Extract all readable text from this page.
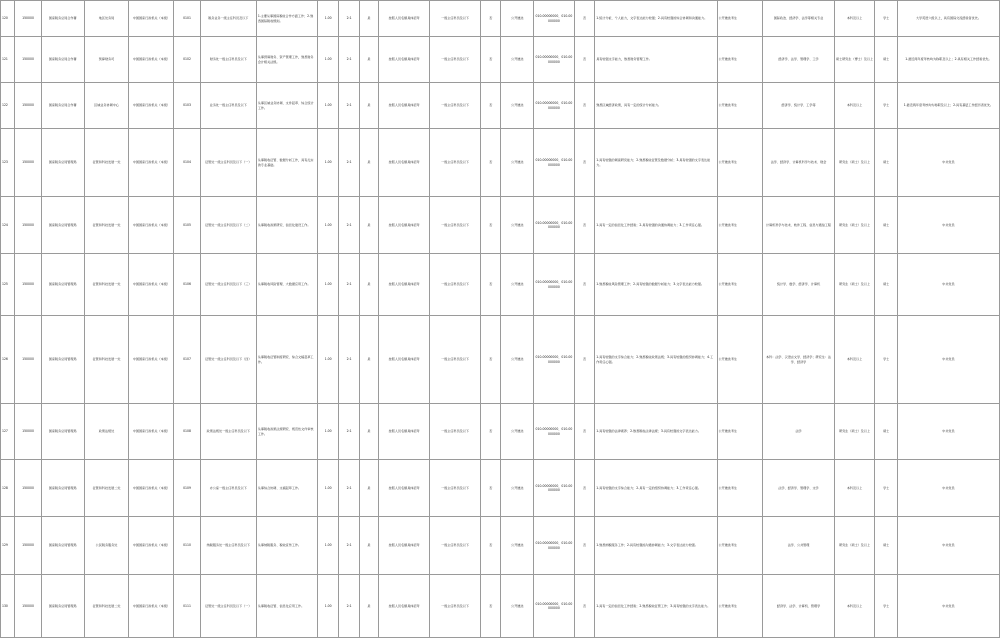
120	150000	国家税务总局合作署	地区处务局	中国国家行政机关（本级）	0101	税务业务一级主任科员及以下	1.主要从事国际税收合作方面工作；2.熟悉国际税收规则。	1.00	2:1	是	按照人员名额具体招考	一级主任科员及以下	否	公开遴选	010-00000000、010-00000000	否	1.统计分析，个人能力，文字表达能力较强；2.具有较强的综合协调和沟通能力。	公开遴选考生	国际政治、经济学、法学等相关专业	本科及以上	学士	大学英语六级以上，具有国际交流经验者优先。
121	150000	国家税务总局合作署	预算财务司	中国国家行政机关（本级）	0102	财务处一级主任科员及以下	从事预算财务、资产管理工作，熟悉财务会计相关法规。	1.00	2:1	是	按照人员名额具体招考	一级主任科员及以下	否	公开遴选	010-00000000、010-00000000	否	具有较强文字能力，熟悉财务管理工作。	公开遴选考生	经济学、法学、管理学、工学	硕士研究生（博士）及以上	硕士	1.最近两年度考核均为称职及以上；2.具有相关工作经验优先。
122	150000	国家税务总局合作署	区域业务协调中心	中国国家行政机关（本级）	0103	业务处一级主任科员及以下	从事区域业务协调、文件起草、综合统计工作。	1.00	2:1	是	按照人员名额具体招考	一级主任科员及以下	否	公开遴选	010-00000000、010-00000000	否	熟悉区域经济政策，具有一定的统计分析能力。	公开遴选考生	经济学、统计学、工学等	本科及以上	学士	1.最近两年度考核均为称职及以上；2.具有基层工作经历者优先。
123	150000	国家税务总局管理局	征管和科技发展一处	中国国家行政机关（本级）	0104	征管处一级主任科员及以下（一）	从事税收征管、数据分析工作，具有扎实的专业基础。	1.00	2:1	是	按照人员名额具体招考	一级主任科员及以下	否	公开遴选	010-00000000、010-00000000	否	1.具有较强的调查研究能力；2.熟悉税收征管及数据分析；3.具有较强的文字表达能力。	公开遴选考生	法学、经济学、计算机科学与技术、财会	研究生（硕士）及以上	硕士	中共党员
124	150000	国家税务总局管理局	征管和科技发展一处	中国国家行政机关（本级）	0105	征管处一级主任科员及以下（二）	从事税收政策研究、信息化建设工作。	1.00	2:1	是	按照人员名额具体招考	一级主任科员及以下	否	公开遴选	010-00000000、010-00000000	否	1.具有一定的信息化工作经验；2.具有较强的沟通协调能力；3.工作责任心强。	公开遴选考生	计算机科学与技术、软件工程、信息与通信工程	研究生（硕士）及以上	硕士	中共党员
125	150000	国家税务总局管理局	征管和科技发展一处	中国国家行政机关（本级）	0106	征管处一级主任科员及以下（三）	从事税收风险管理、大数据应用工作。	1.00	2:1	是	按照人员名额具体招考	一级主任科员及以下	否	公开遴选	010-00000000、010-00000000	否	1.熟悉税收风险管理工作；2.具有较强的数据分析能力；3.文字表达能力较强。	公开遴选考生	统计学、数学、经济学、计算机	研究生（硕士）及以上	硕士	中共党员
126	150000	国家税务总局管理局	征管和科技发展一处	中国国家行政机关（本级）	0107	征管处一级主任科员及以下（四）	从事税收征管制度研究、综合文稿起草工作。	1.00	2:1	是	按照人员名额具体招考	一级主任科员及以下	否	公开遴选	010-00000000、010-00000000	否	1.具有较强的文字综合能力；2.熟悉税收政策法规；3.具有较强的组织协调能力；4.工作责任心强。	公开遴选考生	本科：法学、汉语言文学、经济学；研究生：法学、经济学	本科及以上	学士	中共党员
127	150000	国家税务总局管理局	政策法规处	中国国家行政机关（本级）	0108	政策法规处一级主任科员及以下	从事税收政策法规研究、规范性文件审核工作。	1.00	2:1	是	按照人员名额具体招考	一级主任科员及以下	否	公开遴选	010-00000000、010-00000000	否	1.具有较强的法律素养；2.熟悉税收法律法规；3.具有较强的文字表达能力。	公开遴选考生	法学	研究生（硕士）及以上	硕士	中共党员
128	150000	国家税务总局管理局	征管和科技发展二处	中国国家行政机关（本级）	0109	办公室一级主任科员及以下	从事综合协调、文稿起草工作。	1.00	2:1	是	按照人员名额具体招考	一级主任科员及以下	否	公开遴选	010-00000000、010-00000000	否	1.具有较强的文字综合能力；2.具有一定的组织协调能力；3.工作责任心强。	公开遴选考生	法学、经济学、管理学、文学	本科及以上	学士	中共党员
129	150000	国家税务总局管理局	公民税务服务处	中国国家行政机关（本级）	0110	纳税服务处一级主任科员及以下	从事纳税服务、税收宣传工作。	1.00	2:1	是	按照人员名额具体招考	一级主任科员及以下	否	公开遴选	010-00000000、010-00000000	否	1.熟悉纳税服务工作；2.具有较强的沟通协调能力；3.文字表达能力较强。	公开遴选考生	法学、公共管理	研究生（硕士）及以上	硕士	中共党员
130	150000	国家税务总局管理局	征管和科技发展二处	中国国家行政机关（本级）	0111	征管处一级主任科员及以下（一）	从事税收征管、信息化应用工作。	1.00	2:1	是	按照人员名额具体招考	一级主任科员及以下	否	公开遴选	010-00000000、010-00000000	否	1.具有一定的信息化工作经验；2.熟悉税收征管工作；3.具有较强的文字表达能力。	公开遴选考生	经济学、法学、计算机、管理学	本科及以上	学士	中共党员
